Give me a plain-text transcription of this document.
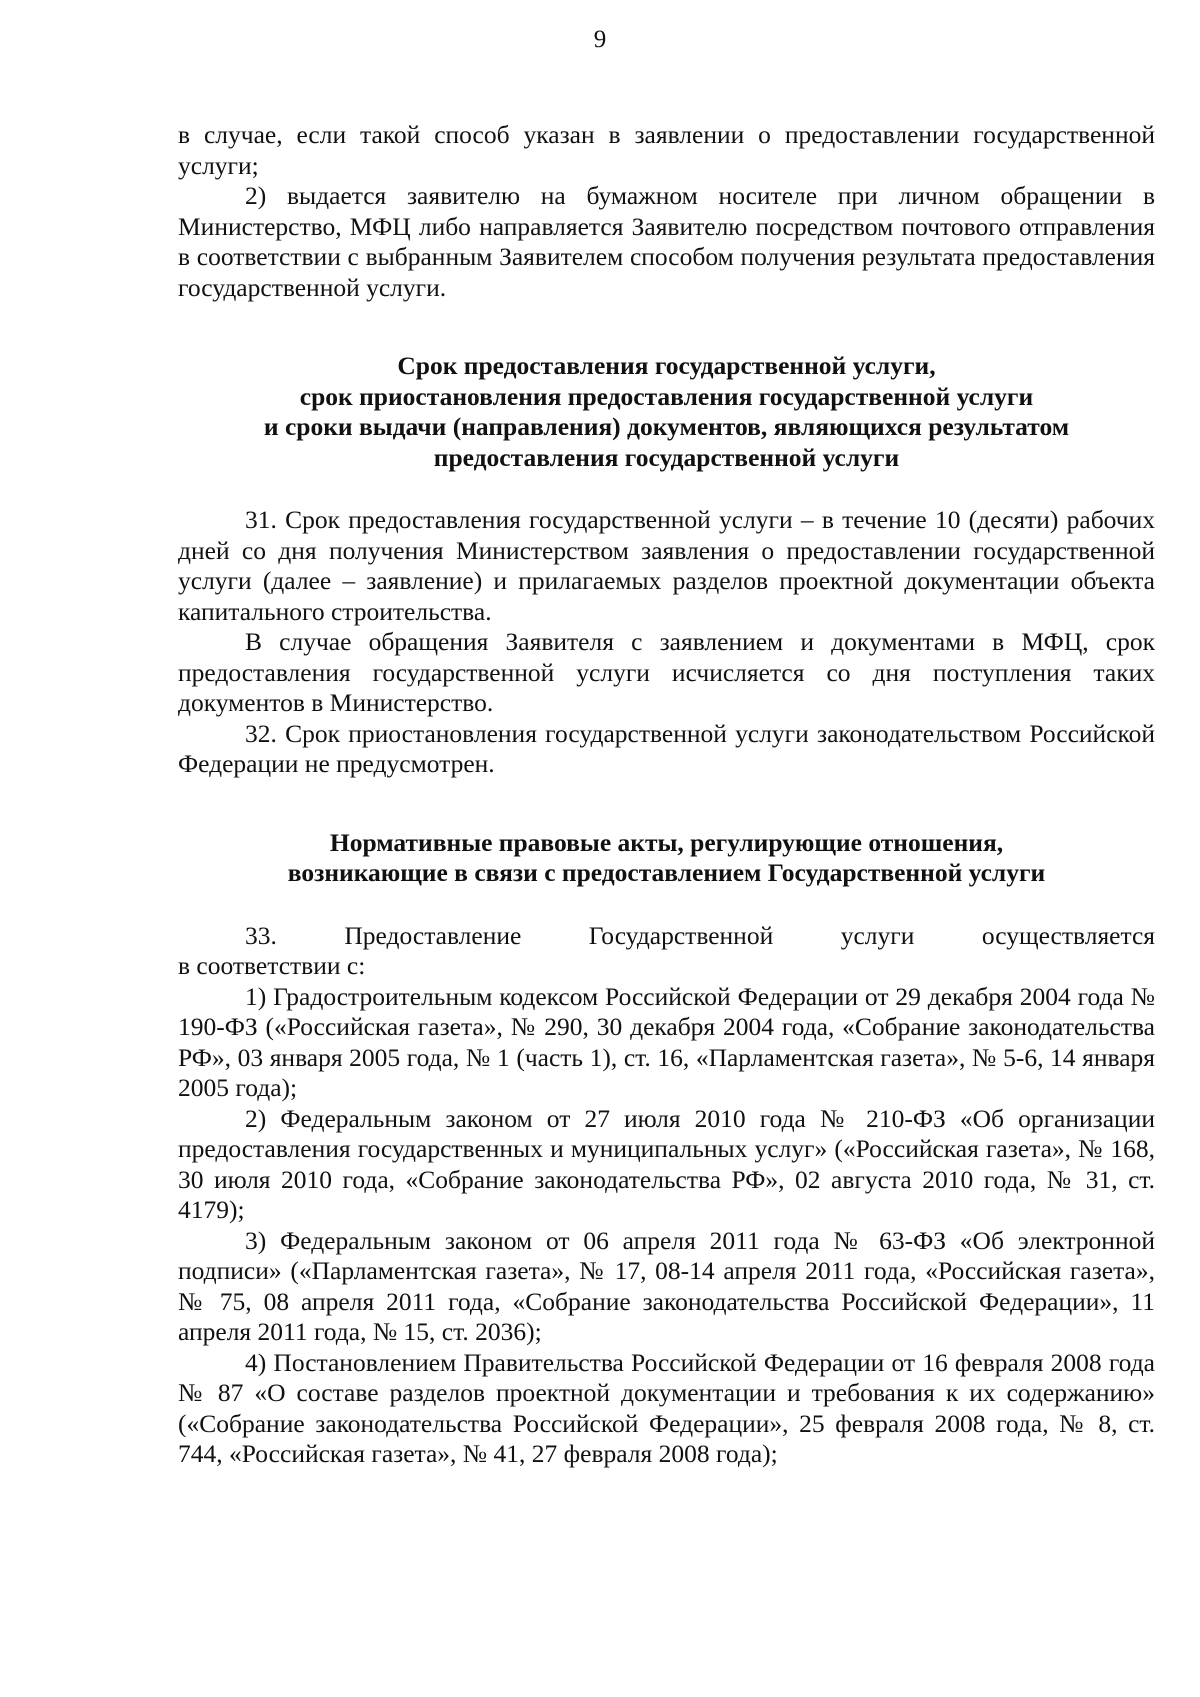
9

в случае, если такой способ указан в заявлении о предоставлении государственной услуги;

2) выдается заявителю на бумажном носителе при личном обращении в Министерство, МФЦ либо направляется Заявителю посредством почтового отправления в соответствии с выбранным Заявителем способом получения результата предоставления государственной услуги.

Срок предоставления государственной услуги,
срок приостановления предоставления государственной услуги
и сроки выдачи (направления) документов, являющихся результатом
предоставления государственной услуги

31. Срок предоставления государственной услуги – в течение 10 (десяти) рабочих дней со дня получения Министерством заявления о предоставлении государственной услуги (далее – заявление) и прилагаемых разделов проектной документации объекта капитального строительства.

В случае обращения Заявителя с заявлением и документами в МФЦ, срок предоставления государственной услуги исчисляется со дня поступления таких документов в Министерство.

32. Срок приостановления государственной услуги законодательством Российской Федерации не предусмотрен.

Нормативные правовые акты, регулирующие отношения,
возникающие в связи с предоставлением Государственной услуги

33. Предоставление Государственной услуги осуществляется

в соответствии с:

1) Градостроительным кодексом Российской Федерации от 29 декабря 2004 года № 190-ФЗ («Российская газета», № 290, 30 декабря 2004 года, «Собрание законодательства РФ», 03 января 2005 года, № 1 (часть 1), ст. 16, «Парламентская газета», № 5-6, 14 января 2005 года);

2) Федеральным законом от 27 июля 2010 года № 210-ФЗ «Об организации предоставления государственных и муниципальных услуг» («Российская газета», № 168, 30 июля 2010 года, «Собрание законодательства РФ», 02 августа 2010 года, № 31, ст. 4179);

3) Федеральным законом от 06 апреля 2011 года № 63-ФЗ «Об электронной подписи» («Парламентская газета», № 17, 08-14 апреля 2011 года, «Российская газета», № 75, 08 апреля 2011 года, «Собрание законодательства Российской Федерации», 11 апреля 2011 года, № 15, ст. 2036);

4) Постановлением Правительства Российской Федерации от 16 февраля 2008 года № 87 «О составе разделов проектной документации и требования к их содержанию» («Собрание законодательства Российской Федерации», 25 февраля 2008 года, № 8, ст. 744, «Российская газета», № 41, 27 февраля 2008 года);
